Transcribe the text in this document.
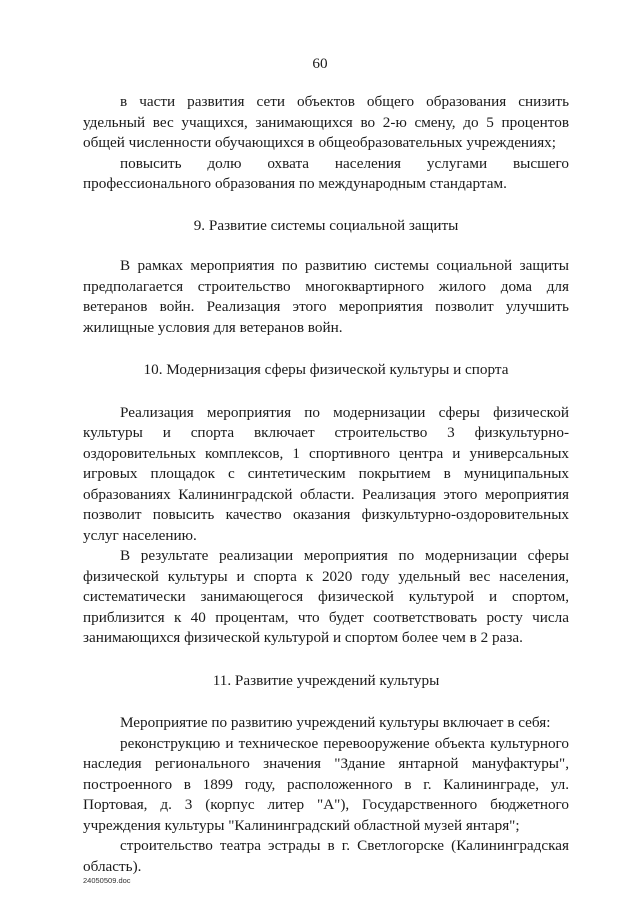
60

в части развития сети объектов общего образования снизить удельный вес учащихся, занимающихся во 2-ю смену, до 5 процентов общей численности обучающихся в общеобразовательных учреждениях;

повысить долю охвата населения услугами высшего профессионального образования по международным стандартам.

9. Развитие системы социальной защиты

В рамках мероприятия по развитию системы социальной защиты предполагается строительство многоквартирного жилого дома для ветеранов войн. Реализация этого мероприятия позволит улучшить жилищные условия для ветеранов войн.

10. Модернизация сферы физической культуры и спорта

Реализация мероприятия по модернизации сферы физической культуры и спорта включает строительство 3 физкультурно-оздоровительных комплексов, 1 спортивного центра и универсальных игровых площадок с синтетическим покрытием в муниципальных образованиях Калининградской области. Реализация этого мероприятия позволит повысить качество оказания физкультурно-оздоровительных услуг населению.

В результате реализации мероприятия по модернизации сферы физической культуры и спорта к 2020 году удельный вес населения, систематически занимающегося физической культурой и спортом, приблизится к 40 процентам, что будет соответствовать росту числа занимающихся физической культурой и спортом более чем в 2 раза.

11. Развитие учреждений культуры

Мероприятие по развитию учреждений культуры включает в себя:

реконструкцию и техническое перевооружение объекта культурного наследия регионального значения "Здание янтарной мануфактуры", построенного в 1899 году, расположенного в г. Калининграде, ул. Портовая, д. 3 (корпус литер "А"), Государственного бюджетного учреждения культуры "Калининградский областной музей янтаря";

строительство театра эстрады в г. Светлогорске (Калининградская область).

24050509.doc
